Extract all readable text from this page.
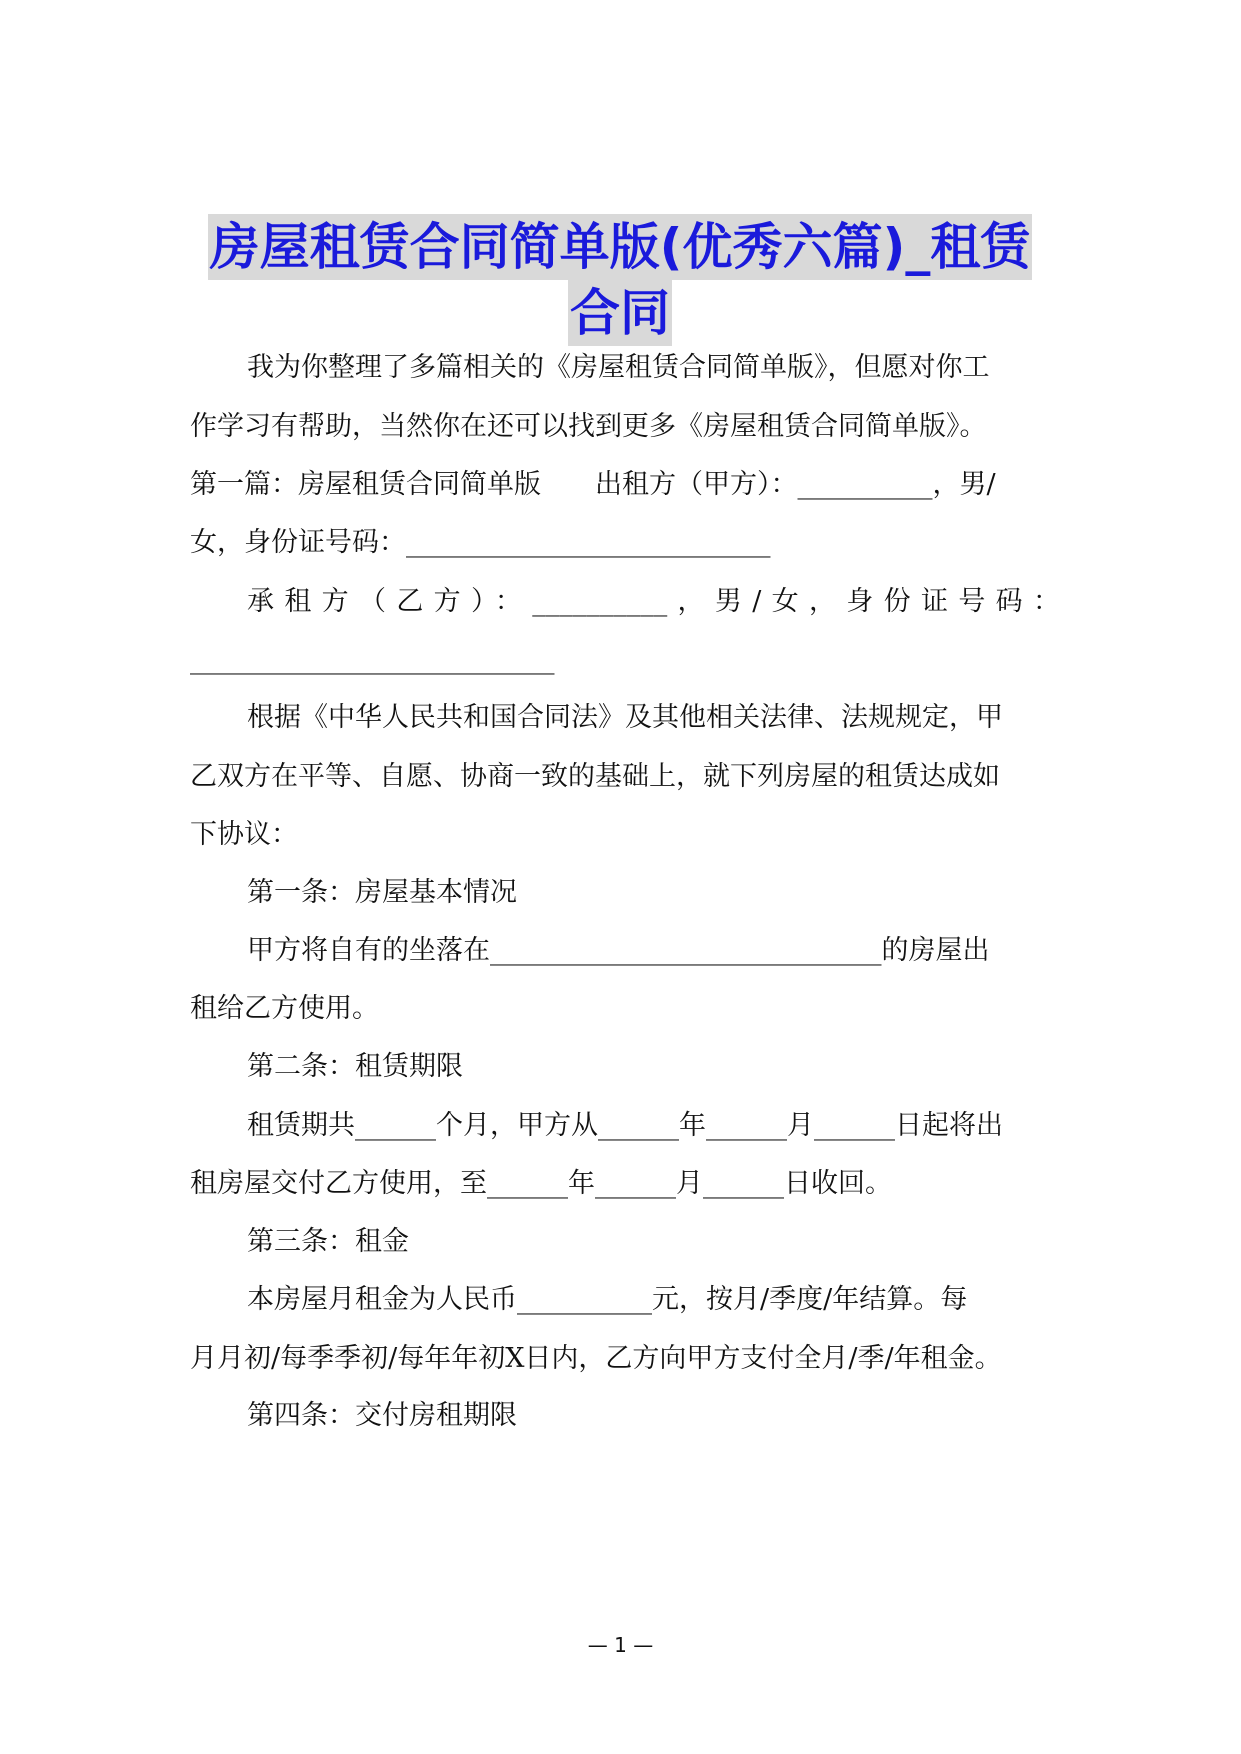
房屋租赁合同简单版(优秀六篇)_租赁
合同
我为你整理了多篇相关的《房屋租赁合同简单版》，但愿对你工
作学习有帮助，当然你在还可以找到更多《房屋租赁合同简单版》。
第一篇：房屋租赁合同简单版　　出租方（甲方）：__________，男/
女，身份证号码：___________________________
承租方（乙方）：__________，男/女，身份证号码：
___________________________
根据《中华人民共和国合同法》及其他相关法律、法规规定，甲
乙双方在平等、自愿、协商一致的基础上，就下列房屋的租赁达成如
下协议：
第一条：房屋基本情况
甲方将自有的坐落在_____________________________的房屋出
租给乙方使用。
第二条：租赁期限
租赁期共______个月，甲方从______年______月______日起将出
租房屋交付乙方使用，至______年______月______日收回。
第三条：租金
本房屋月租金为人民币__________元，按月/季度/年结算。每
月月初/每季季初/每年年初X日内，乙方向甲方支付全月/季/年租金。
第四条：交付房租期限
— 1 —
